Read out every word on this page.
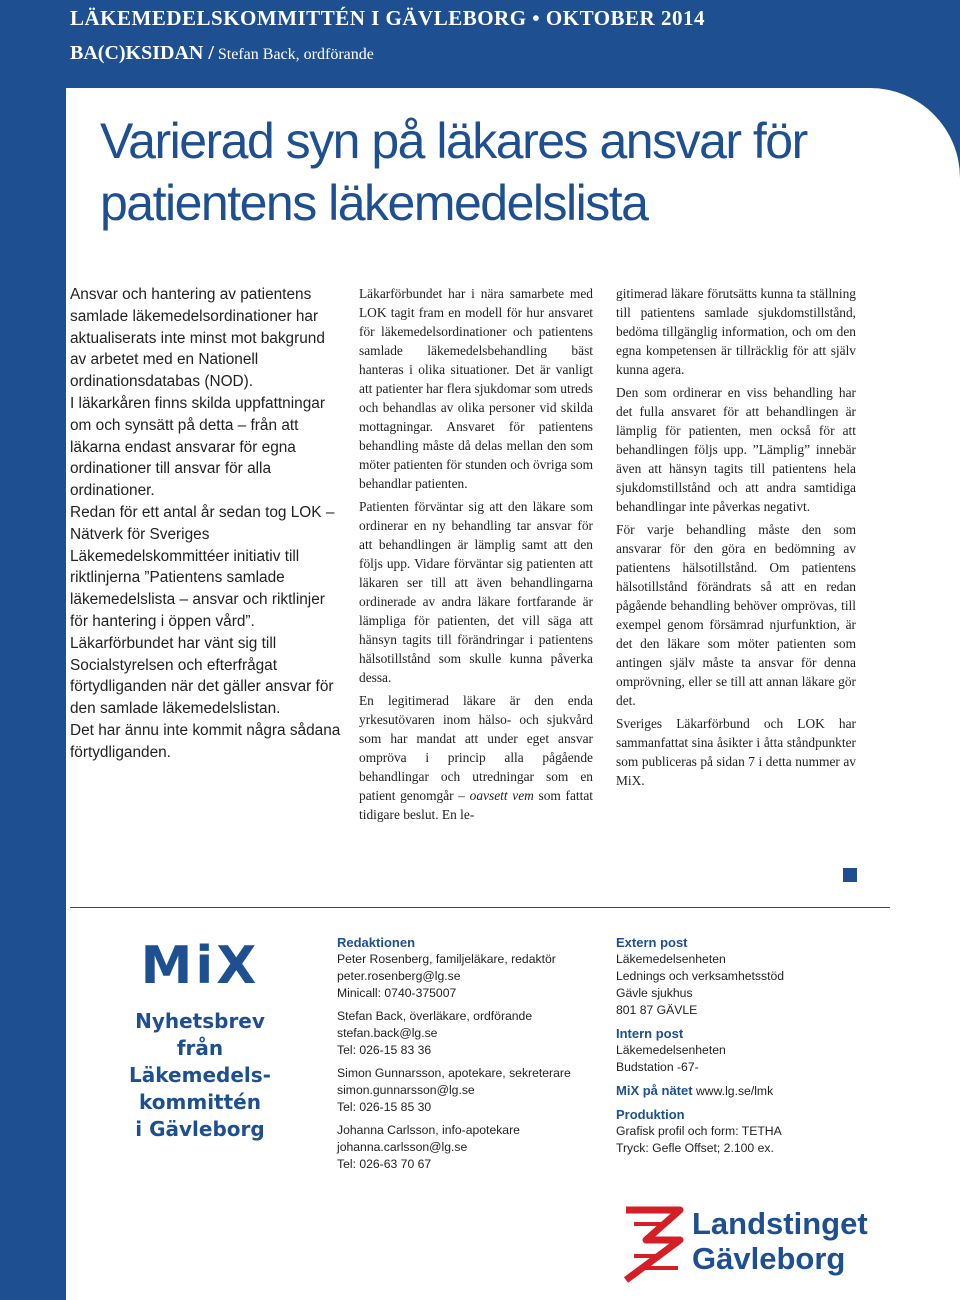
LÄKEMEDELSKOMMITTÉN I GÄVLEBORG • OKTOBER 2014
BA(C)KSIDAN / Stefan Back, ordförande
Varierad syn på läkares ansvar för patientens läkemedelslista

Ansvar och hantering av patientens samlade läkemedelsordinationer har aktualiserats inte minst mot bakgrund av arbetet med en Nationell ordinationsdatabas (NOD).

I läkarkåren finns skilda uppfattningar om och synsätt på detta – från att läkarna endast ansvarar för egna ordinationer till ansvar för alla ordinationer.

Redan för ett antal år sedan tog LOK – Nätverk för Sveriges Läkemedelskommittéer initiativ till riktlinjerna ”Patientens samlade läkemedelslista – ansvar och riktlinjer för hantering i öppen vård”. Läkarförbundet har vänt sig till Socialstyrelsen och efterfrågat förtydliganden när det gäller ansvar för den samlade läkemedelslistan.

Det har ännu inte kommit några sådana förtydliganden.

Läkarförbundet har i nära samarbete med LOK tagit fram en modell för hur ansvaret för läkemedelsordinationer och patientens samlade läkemedelsbehandling bäst hanteras i olika situationer. Det är vanligt att patienter har flera sjukdomar som utreds och behandlas av olika personer vid skilda mottagningar. Ansvaret för patientens behandling måste då delas mellan den som möter patienten för stunden och övriga som behandlar patienten.

Patienten förväntar sig att den läkare som ordinerar en ny behandling tar ansvar för att behandlingen är lämplig samt att den följs upp. Vidare förväntar sig patienten att läkaren ser till att även behandlingarna ordinerade av andra läkare fortfarande är lämpliga för patienten, det vill säga att hänsyn tagits till förändringar i patientens hälsotillstånd som skulle kunna påverka dessa.

En legitimerad läkare är den enda yrkesutövaren inom hälso- och sjukvård som har mandat att under eget ansvar ompröva i princip alla pågående behandlingar och utredningar som en patient genomgår – oavsett vem som fattat tidigare beslut. En le-

gitimerad läkare förutsätts kunna ta ställning till patientens samlade sjukdomstillstånd, bedöma tillgänglig information, och om den egna kompetensen är tillräcklig för att själv kunna agera.

Den som ordinerar en viss behandling har det fulla ansvaret för att behandlingen är lämplig för patienten, men också för att behandlingen följs upp. ”Lämplig” innebär även att hänsyn tagits till patientens hela sjukdomstillstånd och att andra samtidiga behandlingar inte påverkas negativt.

För varje behandling måste den som ansvarar för den göra en bedömning av patientens hälsotillstånd. Om patientens hälsotillstånd förändrats så att en redan pågående behandling behöver omprövas, till exempel genom försämrad njurfunktion, är det den läkare som möter patienten som antingen själv måste ta ansvar för denna omprövning, eller se till att annan läkare gör det.

Sveriges Läkarförbund och LOK har sammanfattat sina åsikter i åtta ståndpunkter som publiceras på sidan 7 i detta nummer av MiX.

MiX
Nyhetsbrev
från
Läkemedels-
kommittén
i Gävleborg
Redaktionen
Peter Rosenberg, familjeläkare, redaktör
peter.rosenberg@lg.se
Minicall: 0740-375007
Stefan Back, överläkare, ordförande
stefan.back@lg.se
Tel: 026-15 83 36
Simon Gunnarsson, apotekare, sekreterare
simon.gunnarsson@lg.se
Tel: 026-15 85 30
Johanna Carlsson, info-apotekare
johanna.carlsson@lg.se
Tel: 026-63 70 67
Extern post
Läkemedelsenheten
Lednings och verksamhetsstöd
Gävle sjukhus
801 87 GÄVLE
Intern post
Läkemedelsenheten
Budstation -67-
MiX på nätet www.lg.se/lmk
Produktion
Grafisk profil och form: TETHA
Tryck: Gefle Offset; 2.100 ex.
Landstinget
Gävleborg
